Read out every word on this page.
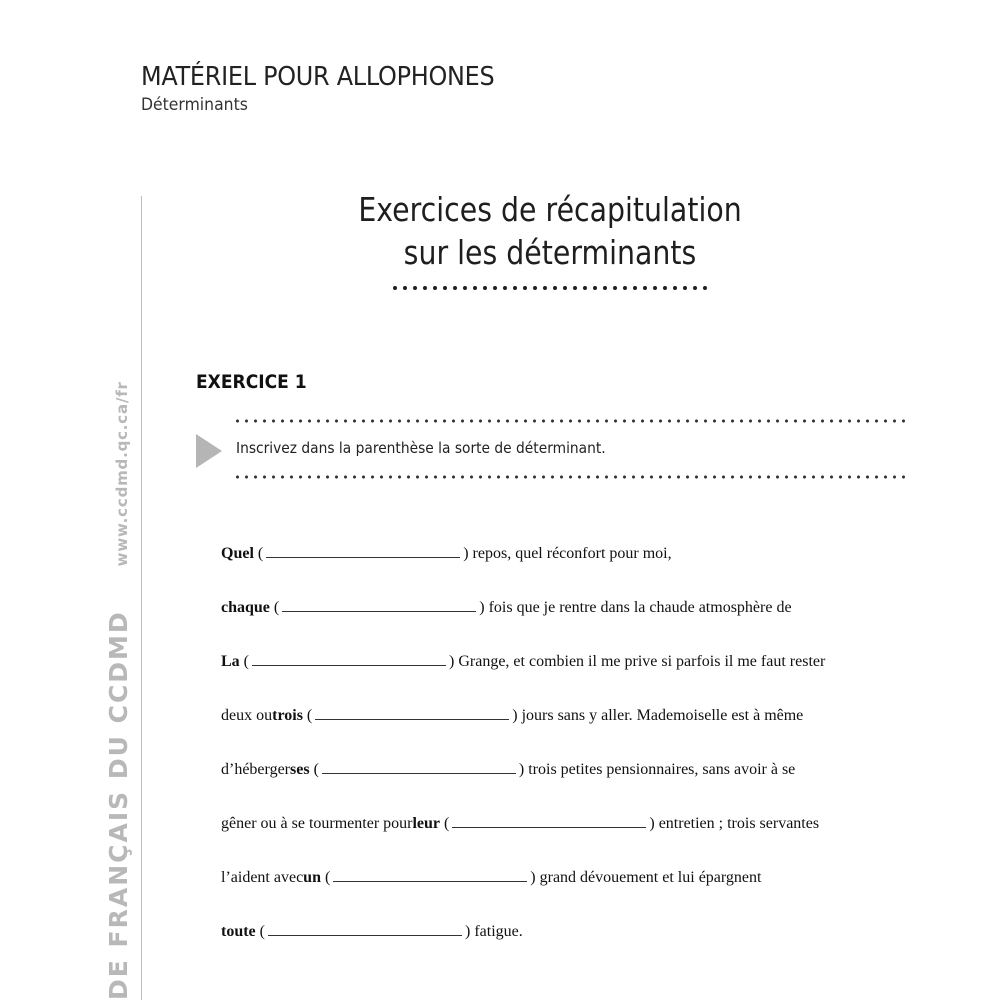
MATÉRIEL POUR ALLOPHONES
Déterminants
DE FRANÇAIS DU CCDMD
www.ccdmd.qc.ca/fr
Exercices de récapitulation
sur les déterminants
EXERCICE 1
Inscrivez dans la parenthèse la sorte de déterminant.
Quel (	) repos, quel réconfort pour moi,
chaque (	) fois que je rentre dans la chaude atmosphère de
La (	) Grange, et combien il me prive si parfois il me faut rester
deux ou trois (	) jours sans y aller. Mademoiselle est à même
d’héberger ses (	) trois petites pensionnaires, sans avoir à se
gêner ou à se tourmenter pour leur (	) entretien ; trois servantes
l’aident avec un (	) grand dévouement et lui épargnent
toute (	) fatigue.
